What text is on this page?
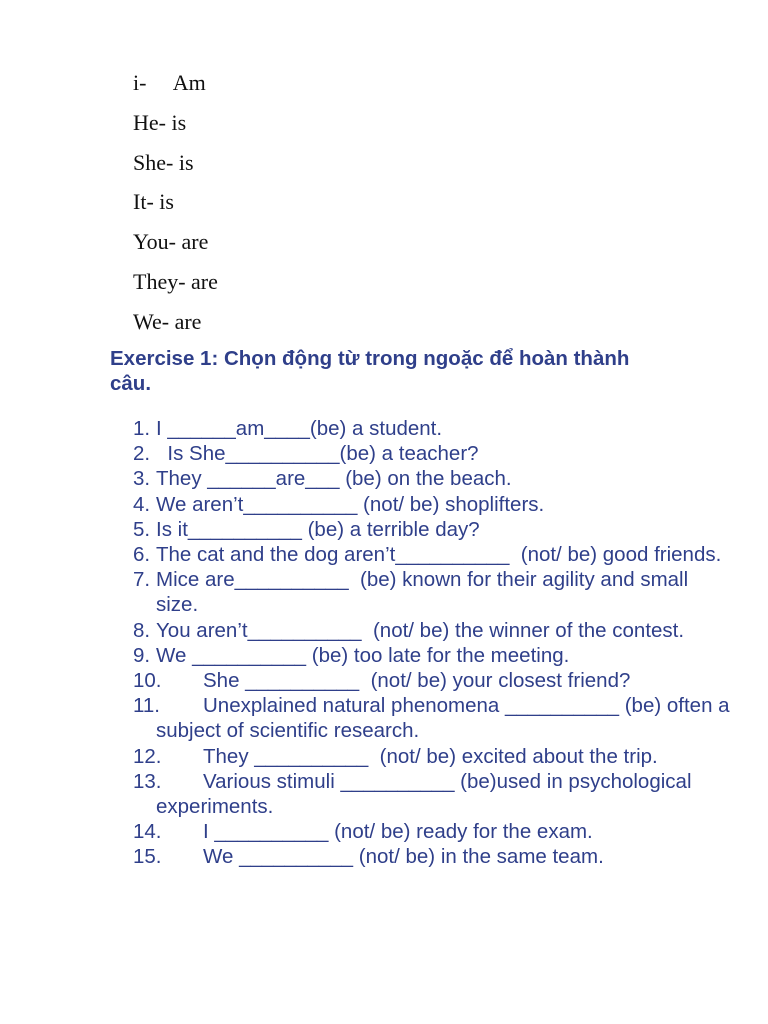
i-     Am
He- is
She- is
It- is
You- are
They- are
We- are
Exercise 1: Chọn động từ trong ngoặc để hoàn thành câu.
1. I ______am____(be) a student.
2. Is She__________(be) a teacher?
3. They ______are___ (be) on the beach.
4. We aren’t__________ (not/ be) shoplifters.
5. Is it__________ (be) a terrible day?
6. The cat and the dog aren’t__________  (not/ be) good friends.
7. Mice are__________  (be) known for their agility and small size.
8. You aren’t__________  (not/ be) the winner of the contest.
9. We __________ (be) too late for the meeting.
10. She __________  (not/ be) your closest friend?
11. Unexplained natural phenomena __________ (be) often a subject of scientific research.
12. They __________  (not/ be) excited about the trip.
13. Various stimuli __________ (be)used in psychological experiments.
14. I __________ (not/ be) ready for the exam.
15. We __________ (not/ be) in the same team.
